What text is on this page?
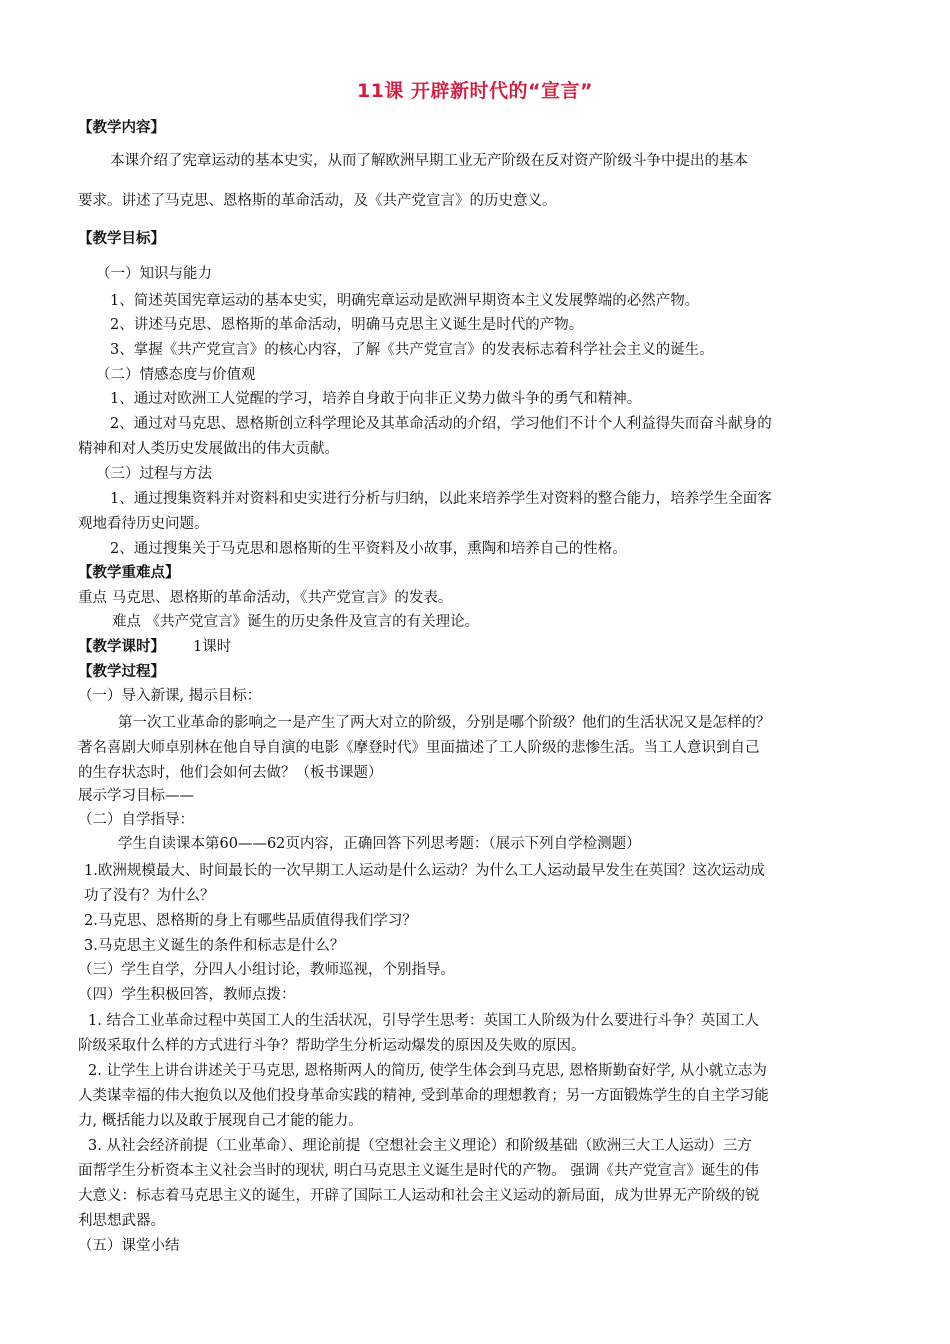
11课 开辟新时代的“宣言”
【教学内容】
本课介绍了宪章运动的基本史实，从而了解欧洲早期工业无产阶级在反对资产阶级斗争中提出的基本
要求。讲述了马克思、恩格斯的革命活动，及《共产党宣言》的历史意义。
【教学目标】
（一）知识与能力
1、简述英国宪章运动的基本史实，明确宪章运动是欧洲早期资本主义发展弊端的必然产物。
2、讲述马克思、恩格斯的革命活动，明确马克思主义诞生是时代的产物。
3、掌握《共产党宣言》的核心内容，了解《共产党宣言》的发表标志着科学社会主义的诞生。
（二）情感态度与价值观
1、通过对欧洲工人觉醒的学习，培养自身敢于向非正义势力做斗争的勇气和精神。
2、通过对马克思、恩格斯创立科学理论及其革命活动的介绍，学习他们不计个人利益得失而奋斗献身的
精神和对人类历史发展做出的伟大贡献。
（三）过程与方法
1、通过搜集资料并对资料和史实进行分析与归纳，以此来培养学生对资料的整合能力，培养学生全面客
观地看待历史问题。
2、通过搜集关于马克思和恩格斯的生平资料及小故事，熏陶和培养自己的性格。
【教学重难点】
重点 马克思、恩格斯的革命活动，《共产党宣言》的发表。
难点 《共产党宣言》诞生的历史条件及宣言的有关理论。
【教学课时】 1课时
【教学过程】
（一）导入新课, 揭示目标：
第一次工业革命的影响之一是产生了两大对立的阶级，分别是哪个阶级？他们的生活状况又是怎样的？
著名喜剧大师卓别林在他自导自演的电影《摩登时代》里面描述了工人阶级的悲惨生活。当工人意识到自己
的生存状态时，他们会如何去做？（板书课题）
展示学习目标——
（二）自学指导：
学生自读课本第60——62页内容，正确回答下列思考题：（展示下列自学检测题）
1.欧洲规模最大、时间最长的一次早期工人运动是什么运动？为什么工人运动最早发生在英国？这次运动成
功了没有？为什么？
2.马克思、恩格斯的身上有哪些品质值得我们学习？
3.马克思主义诞生的条件和标志是什么？
（三）学生自学，分四人小组讨论，教师巡视，个别指导。
（四）学生积极回答，教师点拨：
1. 结合工业革命过程中英国工人的生活状况，引导学生思考：英国工人阶级为什么要进行斗争？英国工人
阶级采取什么样的方式进行斗争？帮助学生分析运动爆发的原因及失败的原因。
2. 让学生上讲台讲述关于马克思, 恩格斯两人的简历, 使学生体会到马克思, 恩格斯勤奋好学, 从小就立志为
人类谋幸福的伟大抱负以及他们投身革命实践的精神, 受到革命的理想教育；另一方面锻炼学生的自主学习能
力, 概括能力以及敢于展现自己才能的能力。
3. 从社会经济前提（工业革命）、理论前提（空想社会主义理论）和阶级基础（欧洲三大工人运动）三方
面帮学生分析资本主义社会当时的现状, 明白马克思主义诞生是时代的产物。 强调《共产党宣言》诞生的伟
大意义：标志着马克思主义的诞生，开辟了国际工人运动和社会主义运动的新局面，成为世界无产阶级的锐
利思想武器。
（五）课堂小结
